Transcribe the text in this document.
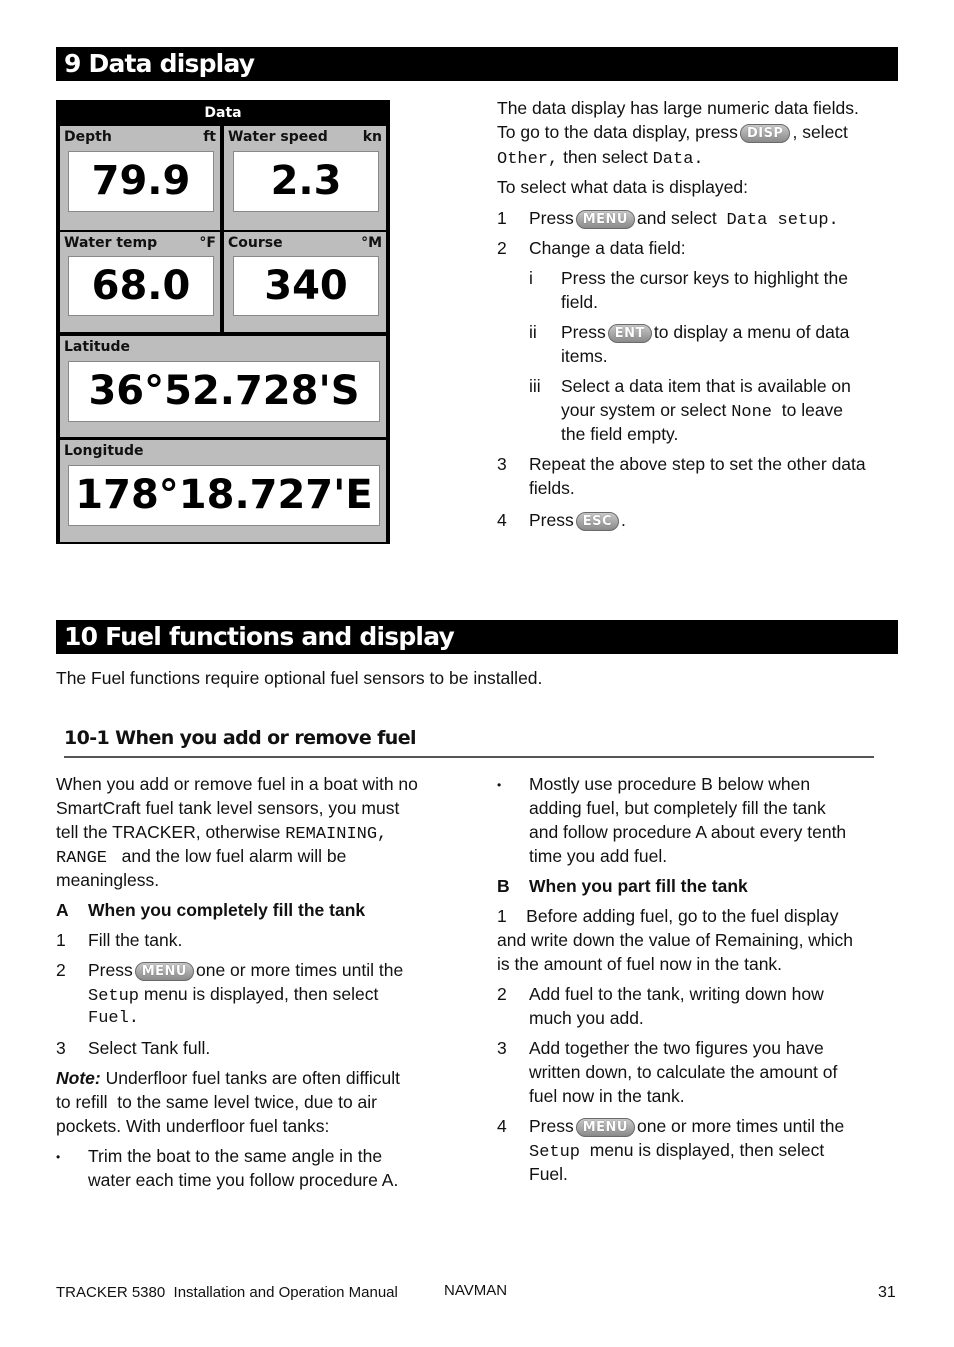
9 Data display
Data
Depth	ft
79.9
Water speed kn
2.3
Water temp	°F
68.0
Course	°M
340
Latitude
36°52.728'S
Longitude
178°18.727'E
The data display has large numeric data fields.
To go to the data display, press DISP , select
Other, then select Data.
To select what data is displayed:
1 Press MENU and select Data setup.
2 Change a data field:
i Press the cursor keys to highlight the
field.
ii Press ENT to display a menu of data
items.
iii Select a data item that is available on
your system or select None to leave
the field empty.
3 Repeat the above step to set the other data
fields.
4 Press ESC .
10 Fuel functions and display
The Fuel functions require optional fuel sensors to be installed.
10-1 When you add or remove fuel
When you add or remove fuel in a boat with no
SmartCraft fuel tank level sensors, you must
tell the TRACKER, otherwise REMAINING,
RANGE and the low fuel alarm will be
meaningless.
A When you completely fill the tank
1 Fill the tank.
2 Press MENU one or more times until the
Setup menu is displayed, then select
Fuel.
3 Select Tank full.
Note: Underfloor fuel tanks are often difficult
to refill  to the same level twice, due to air
pockets. With underfloor fuel tanks:
• Trim the boat to the same angle in the
water each time you follow procedure A.
• Mostly use procedure B below when
adding fuel, but completely fill the tank
and follow procedure A about every tenth
time you add fuel.
B When you part fill the tank
1    Before adding fuel, go to the fuel display
and write down the value of Remaining, which
is the amount of fuel now in the tank.
2 Add fuel to the tank, writing down how
much you add.
3 Add together the two figures you have
written down, to calculate the amount of
fuel now in the tank.
4 Press MENU one or more times until the
Setup menu is displayed, then select
Fuel.
TRACKER 5380  Installation and Operation Manual	NAVMAN	31
